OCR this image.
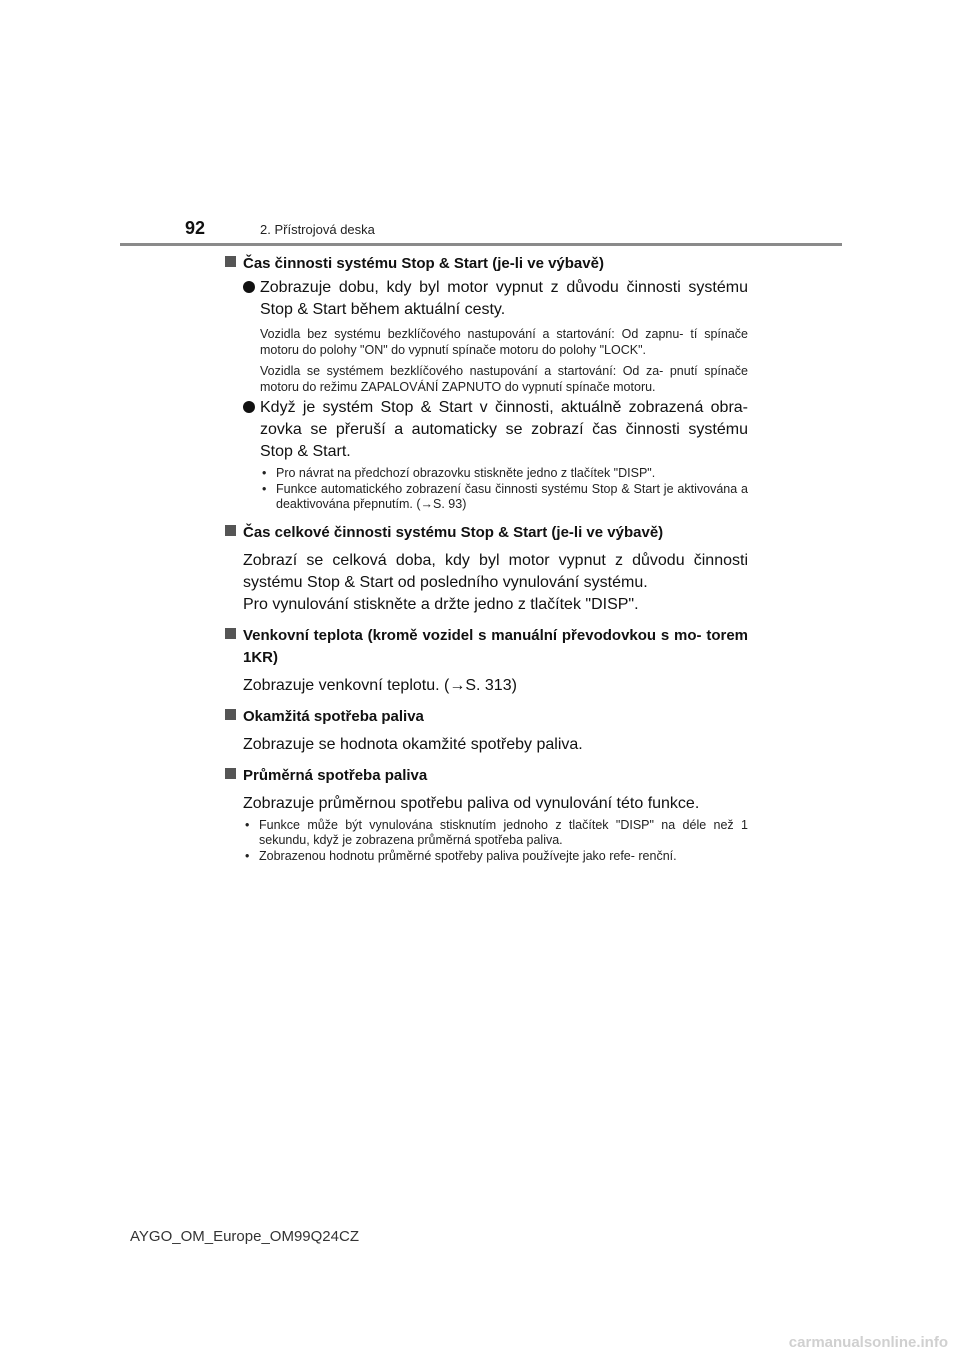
92	2. Přístrojová deska
Čas činnosti systému Stop & Start (je-li ve výbavě)
Zobrazuje dobu, kdy byl motor vypnut z důvodu činnosti systému Stop & Start během aktuální cesty.
Vozidla bez systému bezklíčového nastupování a startování: Od zapnu- tí spínače motoru do polohy "ON" do vypnutí spínače motoru do polohy "LOCK".
Vozidla se systémem bezklíčového nastupování a startování: Od za- pnutí spínače motoru do režimu ZAPALOVÁNÍ ZAPNUTO do vypnutí spínače motoru.
Když je systém Stop & Start v činnosti, aktuálně zobrazená obra- zovka se přeruší a automaticky se zobrazí čas činnosti systému Stop & Start.
• Pro návrat na předchozí obrazovku stiskněte jedno z tlačítek "DISP".
• Funkce automatického zobrazení času činnosti systému Stop & Start je aktivována a deaktivována přepnutím. (→S. 93)
Čas celkové činnosti systému Stop & Start (je-li ve výbavě)
Zobrazí se celková doba, kdy byl motor vypnut z důvodu činnosti systému Stop & Start od posledního vynulování systému.
Pro vynulování stiskněte a držte jedno z tlačítek "DISP".
Venkovní teplota (kromě vozidel s manuální převodovkou s mo- torem 1KR)
Zobrazuje venkovní teplotu. (→S. 313)
Okamžitá spotřeba paliva
Zobrazuje se hodnota okamžité spotřeby paliva.
Průměrná spotřeba paliva
Zobrazuje průměrnou spotřebu paliva od vynulování této funkce.
• Funkce může být vynulována stisknutím jednoho z tlačítek "DISP" na déle než 1 sekundu, když je zobrazena průměrná spotřeba paliva.
• Zobrazenou hodnotu průměrné spotřeby paliva používejte jako refe- renční.
AYGO_OM_Europe_OM99Q24CZ
carmanualsonline.info
